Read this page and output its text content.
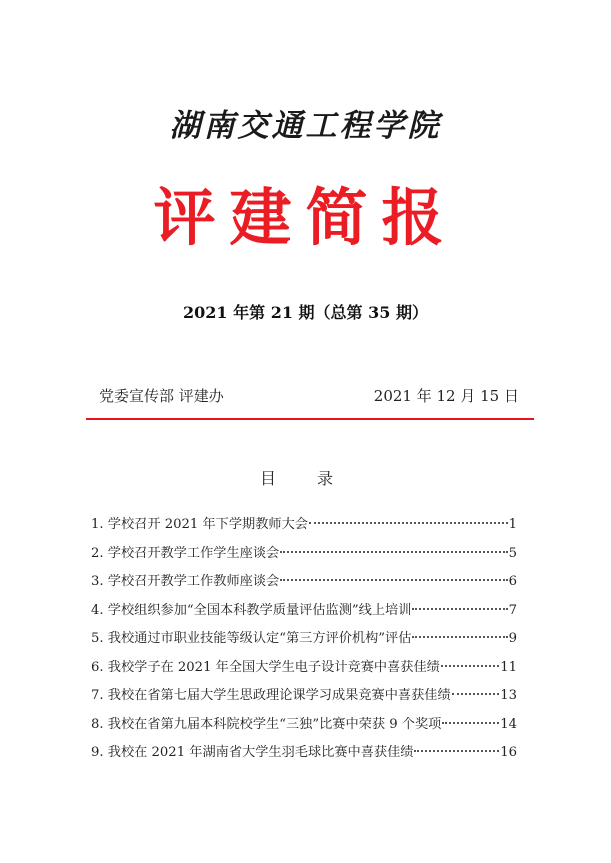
湖南交通工程学院
评建简报
2021 年第 21 期（总第 35 期）
党委宣传部 评建办	2021 年 12 月 15 日
目 录
1. 学校召开 2021 年下学期教师大会	1
2. 学校召开教学工作学生座谈会	5
3. 学校召开教学工作教师座谈会	6
4. 学校组织参加“全国本科教学质量评估监测”线上培训	7
5. 我校通过市职业技能等级认定“第三方评价机构”评估	9
6. 我校学子在 2021 年全国大学生电子设计竞赛中喜获佳绩	11
7. 我校在省第七届大学生思政理论课学习成果竞赛中喜获佳绩	13
8. 我校在省第九届本科院校学生“三独”比赛中荣获 9 个奖项	14
9. 我校在 2021 年湖南省大学生羽毛球比赛中喜获佳绩	16
